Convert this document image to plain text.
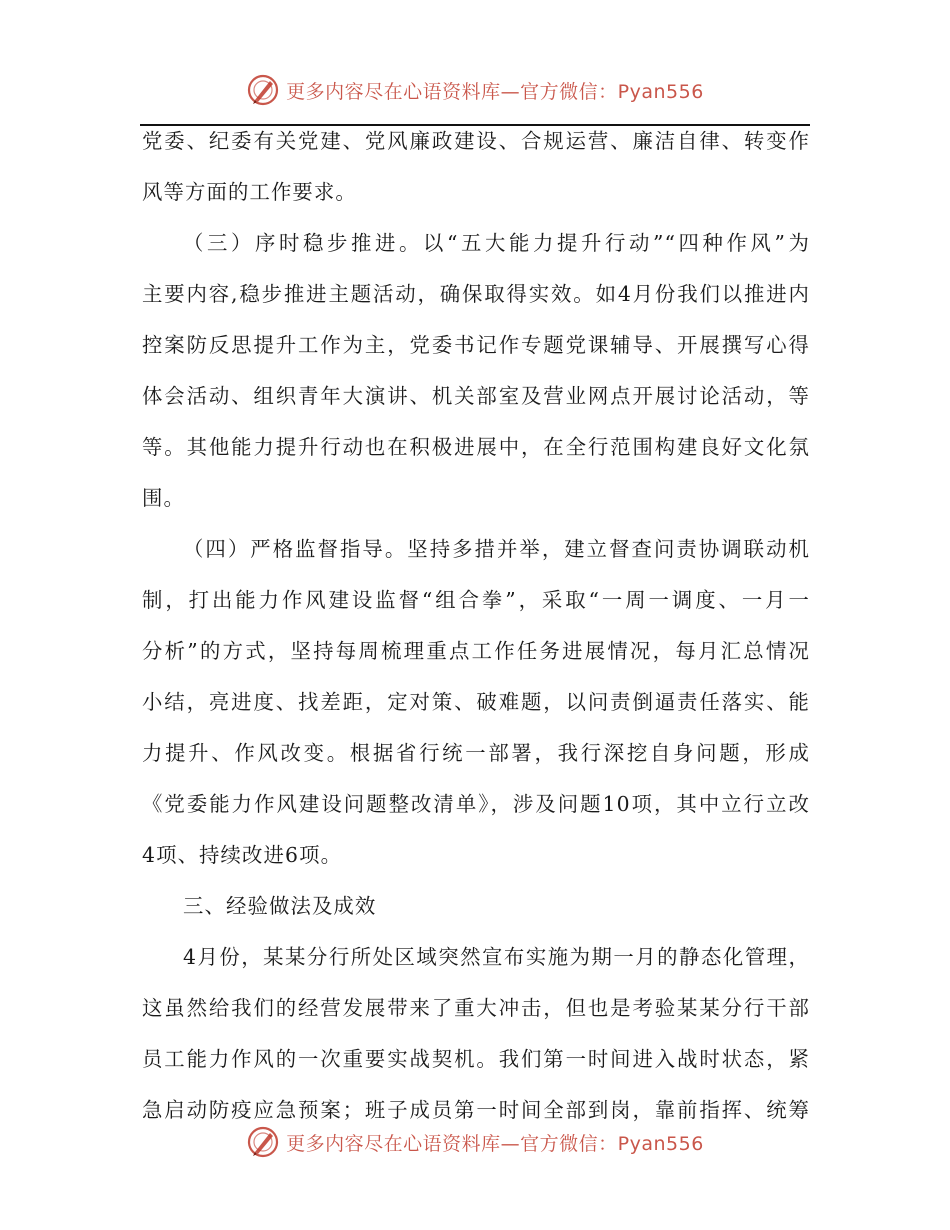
更多内容尽在心语资料库—官方微信：Pyan556
党委、纪委有关党建、党风廉政建设、合规运营、廉洁自律、转变作
风等方面的工作要求。
（三）序时稳步推进。以“五大能力提升行动”“四种作风”为
主要内容,稳步推进主题活动，确保取得实效。如4月份我们以推进内
控案防反思提升工作为主，党委书记作专题党课辅导、开展撰写心得
体会活动、组织青年大演讲、机关部室及营业网点开展讨论活动，等
等。其他能力提升行动也在积极进展中，在全行范围构建良好文化氛
围。
（四）严格监督指导。坚持多措并举，建立督查问责协调联动机
制，打出能力作风建设监督“组合拳”，采取“一周一调度、一月一
分析”的方式，坚持每周梳理重点工作任务进展情况，每月汇总情况
小结，亮进度、找差距，定对策、破难题，以问责倒逼责任落实、能
力提升、作风改变。根据省行统一部署，我行深挖自身问题，形成
《党委能力作风建设问题整改清单》，涉及问题10项，其中立行立改
4项、持续改进6项。
三、经验做法及成效
4月份，某某分行所处区域突然宣布实施为期一月的静态化管理，
这虽然给我们的经营发展带来了重大冲击，但也是考验某某分行干部
员工能力作风的一次重要实战契机。我们第一时间进入战时状态，紧
急启动防疫应急预案；班子成员第一时间全部到岗，靠前指挥、统筹
更多内容尽在心语资料库—官方微信：Pyan556
